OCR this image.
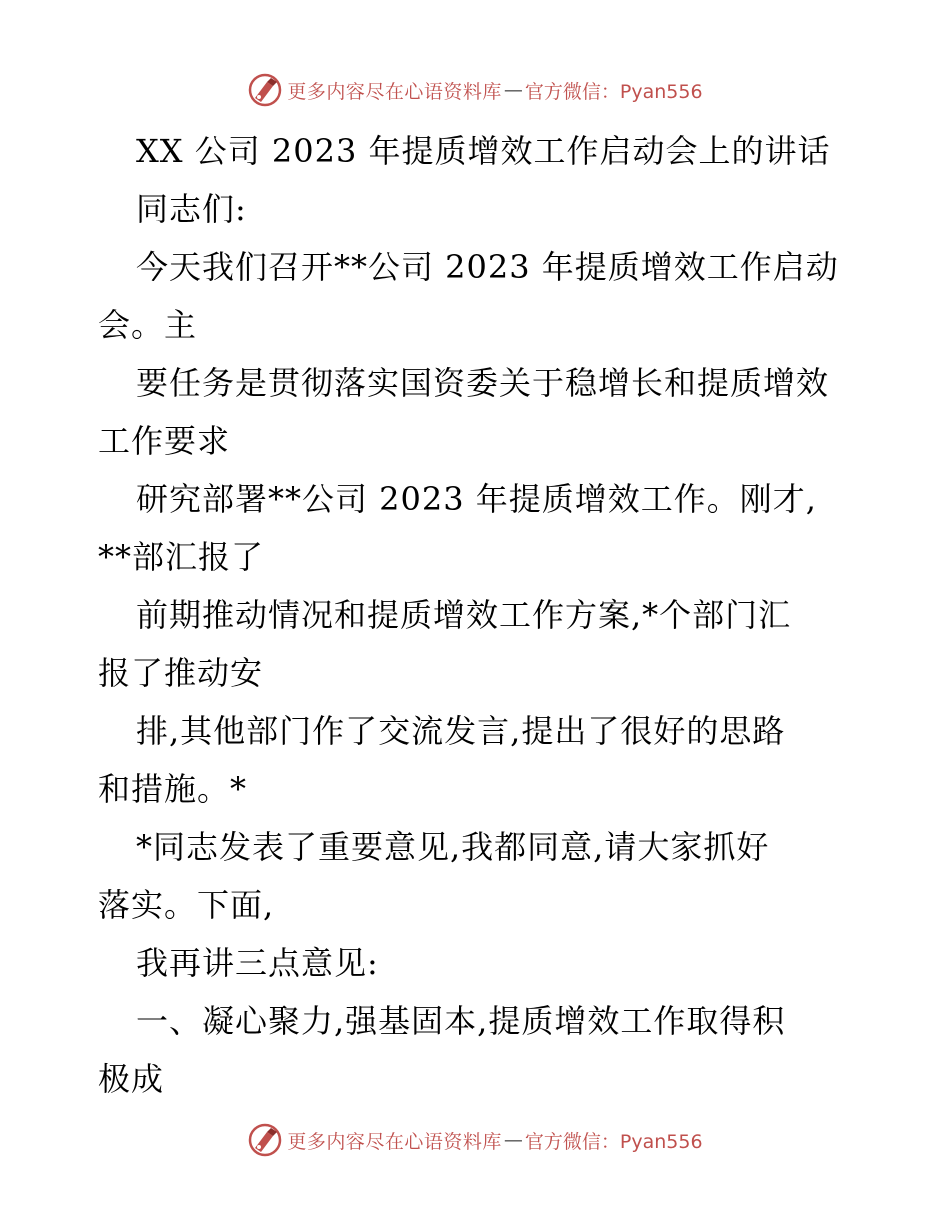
更多内容尽在心语资料库 — 官方微信：Pyan556

XX 公司 2023 年提质增效工作启动会上的讲话

同志们:

今天我们召开**公司 2023 年提质增效工作启动

会。主

要任务是贯彻落实国资委关于稳增长和提质增效

工作要求

研究部署**公司 2023 年提质增效工作。刚才,

**部汇报了

前期推动情况和提质增效工作方案,*个部门汇

报了推动安

排,其他部门作了交流发言,提出了很好的思路

和措施。*

*同志发表了重要意见,我都同意,请大家抓好

落实。下面,

我再讲三点意见:

一、凝心聚力,强基固本,提质增效工作取得积

极成

更多内容尽在心语资料库 — 官方微信：Pyan556
